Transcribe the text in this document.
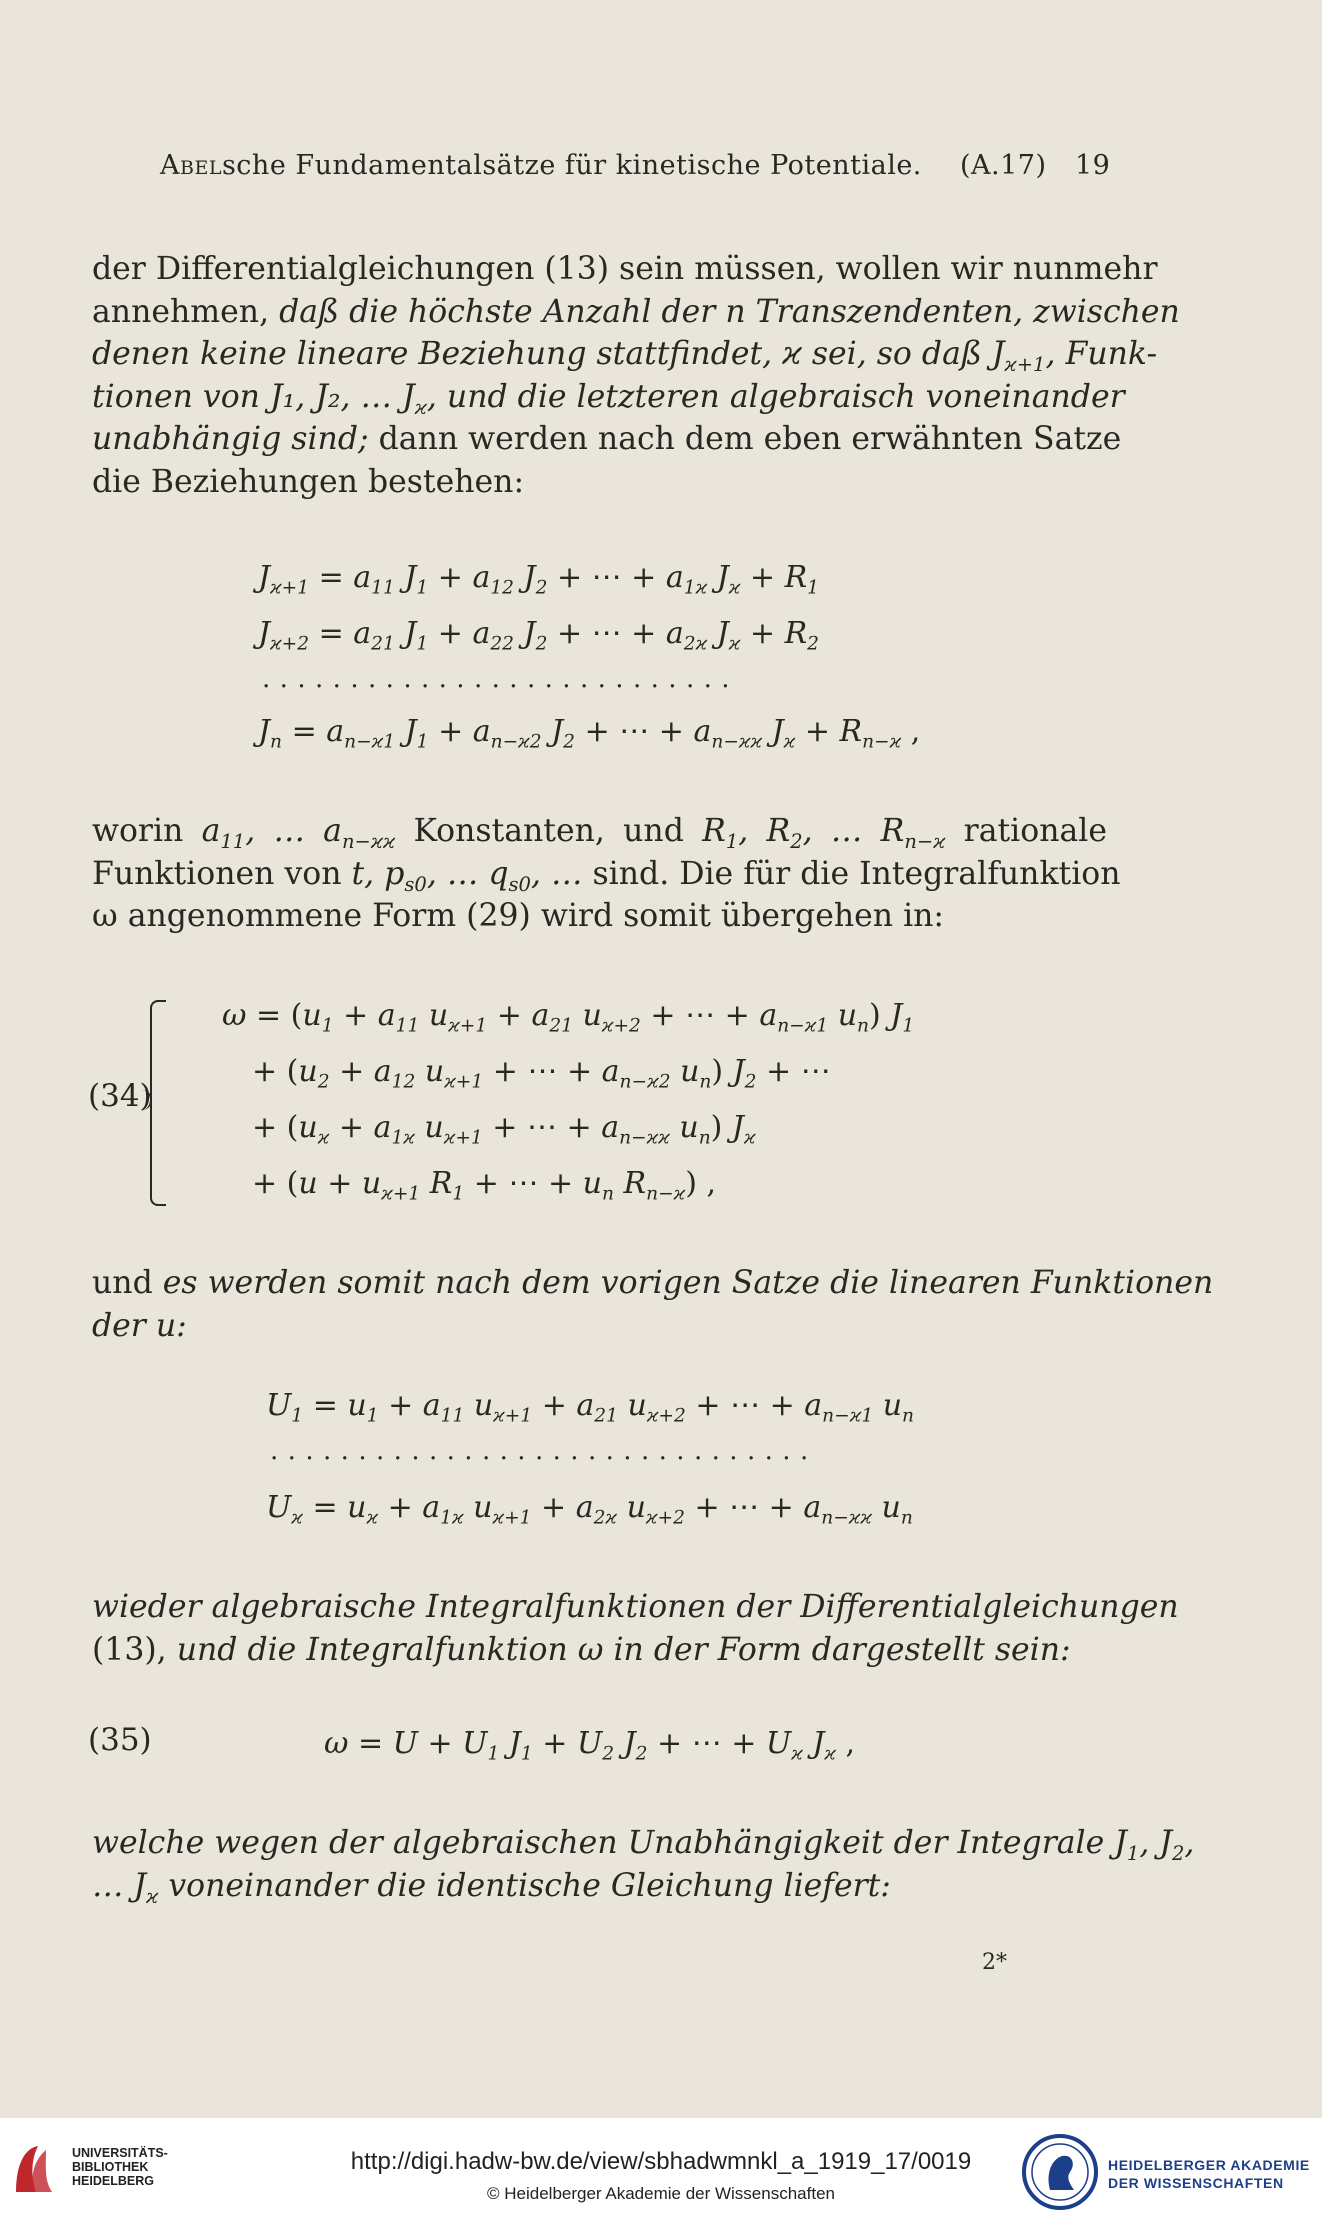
Abelsche Fundamentalsätze für kinetische Potentiale. (A.17) 19
der Differentialgleichungen (13) sein müssen, wollen wir nunmehr
annehmen, daß die höchste Anzahl der n Transzendenten, zwischen
denen keine lineare Beziehung stattfindet, ϰ sei, so daß $J_{ϰ+1}$, Funk-
tionen von J₁, J₂, … $J_ϰ$, und die letzteren algebraisch voneinander
unabhängig sind; dann werden nach dem eben erwähnten Satze
die Beziehungen bestehen:
$J_{ϰ+1} = a_{11}$ $J_1 + a_{12}$ $J_2$ + ⋯ + $a_{1ϰ}$ $J_ϰ + R_1$
$J_{ϰ+2} = a_{21}$ $J_1 + a_{22}$ $J_2$ + ⋯ + $a_{2ϰ}$ $J_ϰ + R_2$
...........................
$J_n = a_{n-ϰ1}$ $J_1 + a_{n-ϰ2}$ $J_2$ + ⋯ + $a_{n-ϰϰ}$ $J_ϰ + R_{n-ϰ}$ ,
worin $a_{11}$, … $a_{n-ϰϰ}$ Konstanten, und $R_1$, $R_2$, … $R_{n-ϰ}$ rationale
Funktionen von t, $p_{s0}$, … $q_{s0}$, … sind. Die für die Integralfunktion
ω angenommene Form (29) wird somit übergehen in:
(34)
$\omega = (u_1 + a_{11}$ $u_{ϰ+1} + a_{21}$ $u_{ϰ+2}$ + ⋯ + $a_{n-ϰ1}$ $u_n$) $J_1$
+ ($u_2 + a_{12}$ $u_{ϰ+1}$ + ⋯ + $a_{n-ϰ2}$ $u_n$) $J_2$ + ⋯
+ ($u_ϰ + a_{1ϰ}$ $u_{ϰ+1}$ + ⋯ + $a_{n-ϰϰ}$ $u_n$) $J_ϰ$
+ ($u + u_{ϰ+1}$ $R_1$ + ⋯ + $u_n$ $R_{n-ϰ}$) ,
und es werden somit nach dem vorigen Satze die linearen Funktionen
der u:
$U_1 = u_1 + a_{11}$ $u_{ϰ+1} + a_{21}$ $u_{ϰ+2}$ + ⋯ + $a_{n-ϰ1}$ $u_n$
...............................
$U_ϰ = u_ϰ + a_{1ϰ}$ $u_{ϰ+1} + a_{2ϰ}$ $u_{ϰ+2}$ + ⋯ + $a_{n-ϰϰ}$ $u_n$
wieder algebraische Integralfunktionen der Differentialgleichungen
(13), und die Integralfunktion ω in der Form dargestellt sein:
(35)	$\omega = U + U_1$ $J_1 + U_2$ $J_2$ + ⋯ + $U_ϰ$ $J_ϰ$ ,
welche wegen der algebraischen Unabhängigkeit der Integrale $J_1$, $J_2$,
… $J_ϰ$ voneinander die identische Gleichung liefert:
2*
UNIVERSITÄTS-
BIBLIOTHEK
HEIDELBERG
http://digi.hadw-bw.de/view/sbhadwmnkl_a_1919_17/0019
© Heidelberger Akademie der Wissenschaften
HEIDELBERGER AKADEMIE
DER WISSENSCHAFTEN
